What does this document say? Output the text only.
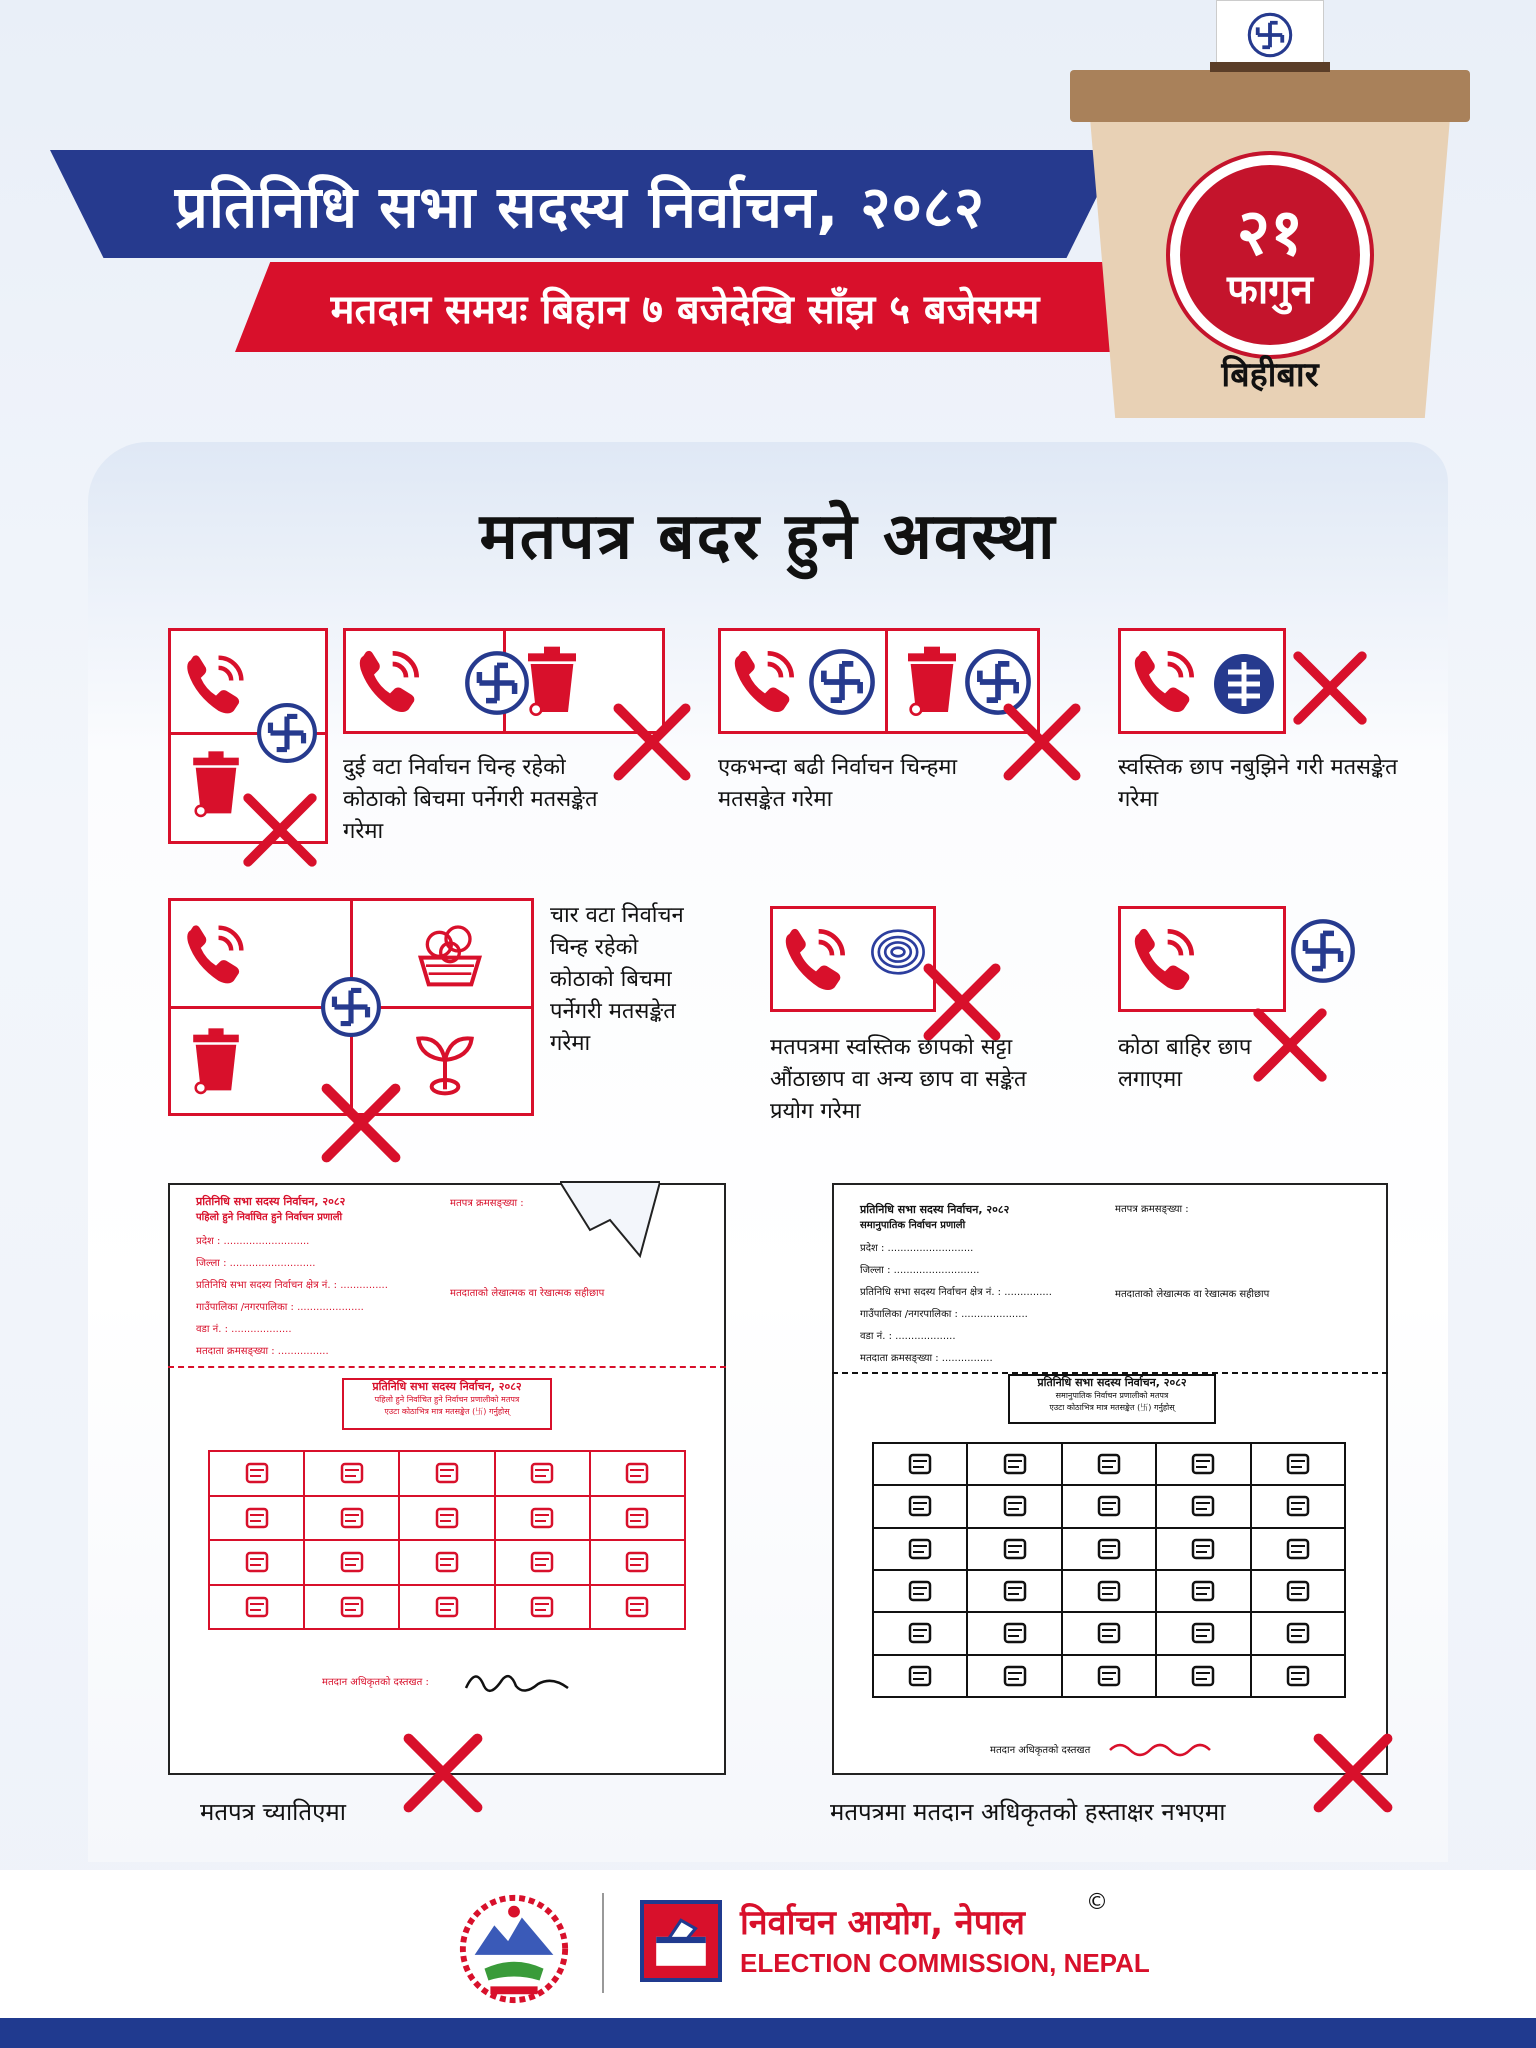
प्रतिनिधि सभा सदस्य निर्वाचन, २०८२
मतदान समयः बिहान ७ बजेदेखि साँझ ५ बजेसम्म
२१
फागुन
बिहीबार
मतपत्र बदर हुने अवस्था
दुई वटा निर्वाचन चिन्ह रहेको कोठाको बिचमा पर्नेगरी मतसङ्केत गरेमा
एकभन्दा बढी निर्वाचन चिन्हमा मतसङ्केत गरेमा
स्वस्तिक छाप नबुझिने गरी मतसङ्केत गरेमा
चार वटा निर्वाचन चिन्ह रहेको कोठाको बिचमा पर्नेगरी मतसङ्केत गरेमा	मतपत्रमा स्वस्तिक छापको सट्टा औंठाछाप वा अन्य छाप वा सङ्केत प्रयोग गरेमा
कोठा बाहिर छाप लगाएमा
प्रतिनिधि सभा सदस्य निर्वाचन, २०८२
पहिलो हुने निर्वाचित हुने निर्वाचन प्रणाली
मतपत्र क्रमसङ्ख्या :
प्रदेश : ...........................
जिल्ला : ...........................
प्रतिनिधि सभा सदस्य निर्वाचन क्षेत्र नं. : ...............
गाउँपालिका /नगरपालिका : .....................
वडा नं. : ...................
मतदाता क्रमसङ्ख्या : ................
मतदाताको लेखात्मक वा रेखात्मक सहीछाप
प्रतिनिधि सभा सदस्य निर्वाचन, २०८२
पहिलो हुने निर्वाचित हुने निर्वाचन प्रणालीको मतपत्र
एउटा कोठाभित्र मात्र मतसङ्केत (卐) गर्नुहोस्

मतदान अधिकृतको दस्तखत :
मतपत्र च्यातिएमा
प्रतिनिधि सभा सदस्य निर्वाचन, २०८२
समानुपातिक निर्वाचन प्रणाली
मतपत्र क्रमसङ्ख्या :
प्रदेश : ...........................
जिल्ला : ...........................
प्रतिनिधि सभा सदस्य निर्वाचन क्षेत्र नं. : ...............
गाउँपालिका /नगरपालिका : .....................
वडा नं. : ...................
मतदाता क्रमसङ्ख्या : ................
मतदाताको लेखात्मक वा रेखात्मक सहीछाप
प्रतिनिधि सभा सदस्य निर्वाचन, २०८२
समानुपातिक निर्वाचन प्रणालीको मतपत्र
एउटा कोठाभित्र मात्र मतसङ्केत (卐) गर्नुहोस्

मतदान अधिकृतको दस्तखत
मतपत्रमा मतदान अधिकृतको हस्ताक्षर नभएमा
निर्वाचन आयोग, नेपाल
ELECTION COMMISSION, NEPAL
©
